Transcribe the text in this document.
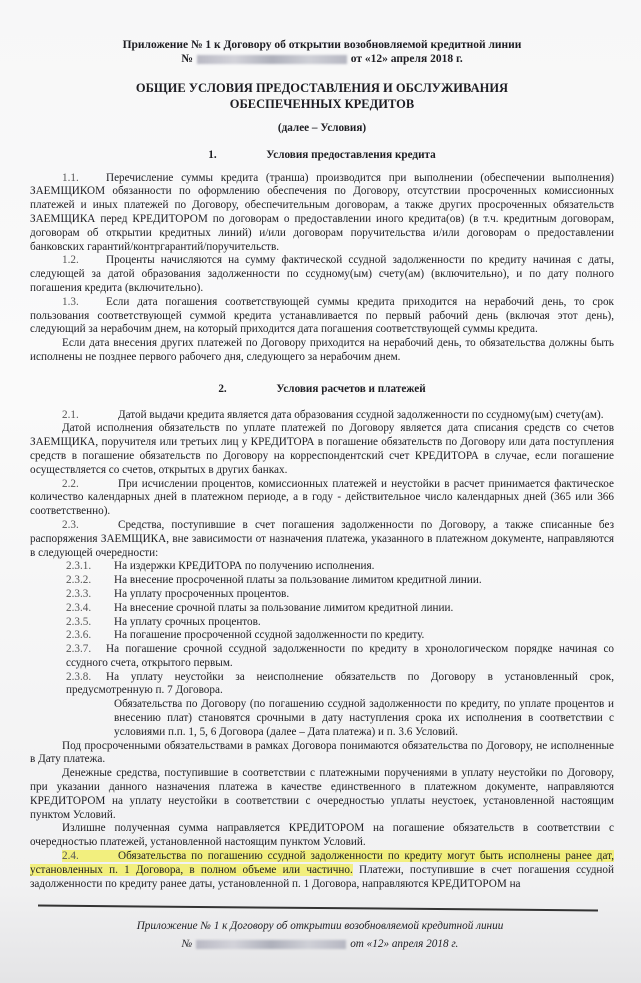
Приложение № 1 к Договору об открытии возобновляемой кредитной линии
№	от «12» апреля 2018 г.
ОБЩИЕ УСЛОВИЯ ПРЕДОСТАВЛЕНИЯ И ОБСЛУЖИВАНИЯ
ОБЕСПЕЧЕННЫХ КРЕДИТОВ
(далее – Условия)
1.	Условия предоставления кредита

1.1. Перечисление суммы кредита (транша) производится при выполнении (обеспечении выполнения) ЗАЕМЩИКОМ обязанности по оформлению обеспечения по Договору, отсутствии просроченных комиссионных платежей и иных платежей по Договору, обеспечительным договорам, а также других просроченных обязательств ЗАЕМЩИКА перед КРЕДИТОРОМ по договорам о предоставлении иного кредита(ов) (в т.ч. кредитным договорам, договорам об открытии кредитных линий) и/или договорам поручительства и/или договорам о предоставлении банковских гарантий/контргарантий/поручительств.

1.2. Проценты начисляются на сумму фактической ссудной задолженности по кредиту начиная с даты, следующей за датой образования задолженности по ссудному(ым) счету(ам) (включительно), и по дату полного погашения кредита (включительно).

1.3. Если дата погашения соответствующей суммы кредита приходится на нерабочий день, то срок пользования соответствующей суммой кредита устанавливается по первый рабочий день (включая этот день), следующий за нерабочим днем, на который приходится дата погашения соответствующей суммы кредита.

Если дата внесения других платежей по Договору приходится на нерабочий день, то обязательства должны быть исполнены не позднее первого рабочего дня, следующего за нерабочим днем.

2.	Условия расчетов и платежей

2.1.	Датой выдачи кредита является дата образования ссудной задолженности по ссудному(ым) счету(ам).

Датой исполнения обязательств по уплате платежей по Договору является дата списания средств со счетов ЗАЕМЩИКА, поручителя или третьих лиц у КРЕДИТОРА в погашение обязательств по Договору или дата поступления средств в погашение обязательств по Договору на корреспондентский счет КРЕДИТОРА в случае, если погашение осуществляется со счетов, открытых в других банках.

2.2.	При исчислении процентов, комиссионных платежей и неустойки в расчет принимается фактическое количество календарных дней в платежном периоде, а в году - действительное число календарных дней (365 или 366 соответственно).

2.3.	Средства, поступившие в счет погашения задолженности по Договору, а также списанные без распоряжения ЗАЕМЩИКА, вне зависимости от назначения платежа, указанного в платежном документе, направляются в следующей очередности:

2.3.1. На издержки КРЕДИТОРА по получению исполнения.

2.3.2. На внесение просроченной платы за пользование лимитом кредитной линии.

2.3.3. На уплату просроченных процентов.

2.3.4. На внесение срочной платы за пользование лимитом кредитной линии.

2.3.5. На уплату срочных процентов.

2.3.6. На погашение просроченной ссудной задолженности по кредиту.

2.3.7. На погашение срочной ссудной задолженности по кредиту в хронологическом порядке начиная со ссудного счета, открытого первым.

2.3.8. На уплату неустойки за неисполнение обязательств по Договору в установленный срок, предусмотренную п. 7 Договора.

Обязательства по Договору (по погашению ссудной задолженности по кредиту, по уплате процентов и внесению плат) становятся срочными в дату наступления срока их исполнения в соответствии с условиями п.п. 1, 5, 6 Договора (далее – Дата платежа) и п. 3.6 Условий.

Под просроченными обязательствами в рамках Договора понимаются обязательства по Договору, не исполненные в Дату платежа.

Денежные средства, поступившие в соответствии с платежными поручениями в уплату неустойки по Договору, при указании данного назначения платежа в качестве единственного в платежном документе, направляются КРЕДИТОРОМ на уплату неустойки в соответствии с очередностью уплаты неустоек, установленной настоящим пунктом Условий.

Излишне полученная сумма направляется КРЕДИТОРОМ на погашение обязательств в соответствии с очередностью платежей, установленной настоящим пунктом Условий.

2.4.	Обязательства по погашению ссудной задолженности по кредиту могут быть исполнены ранее дат, установленных п. 1 Договора, в полном объеме или частично. Платежи, поступившие в счет погашения ссудной задолженности по кредиту ранее даты, установленной п. 1 Договора, направляются КРЕДИТОРОМ на

Приложение № 1 к Договору об открытии возобновляемой кредитной линии
№	от «12» апреля 2018 г.
